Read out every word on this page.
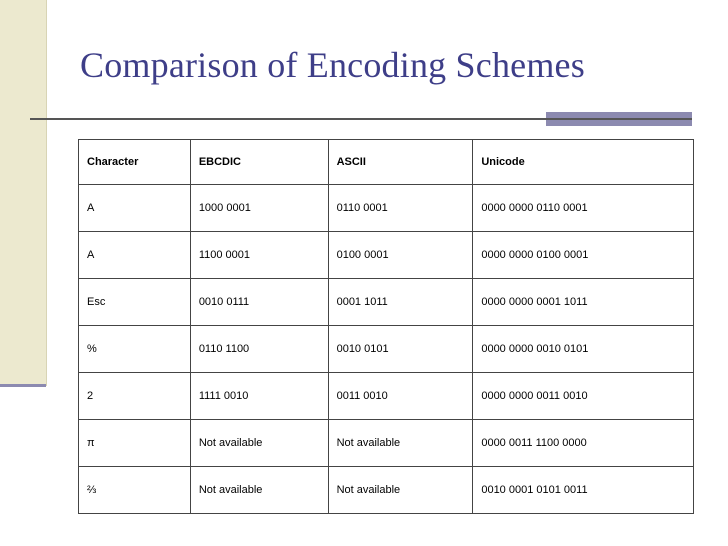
Comparison of Encoding Schemes
Character	EBCDIC	ASCII	Unicode
A	1000 0001	0110 0001	0000 0000 0110 0001
A	1100 0001	0100 0001	0000 0000 0100 0001
Esc	0010 0111	0001 1011	0000 0000 0001 1011
%	0110 1100	0010 0101	0000 0000 0010 0101
2	1111 0010	0011 0010	0000 0000 0011 0010
π	Not available	Not available	0000 0011 1100 0000
⅔	Not available	Not available	0010 0001 0101 0011
